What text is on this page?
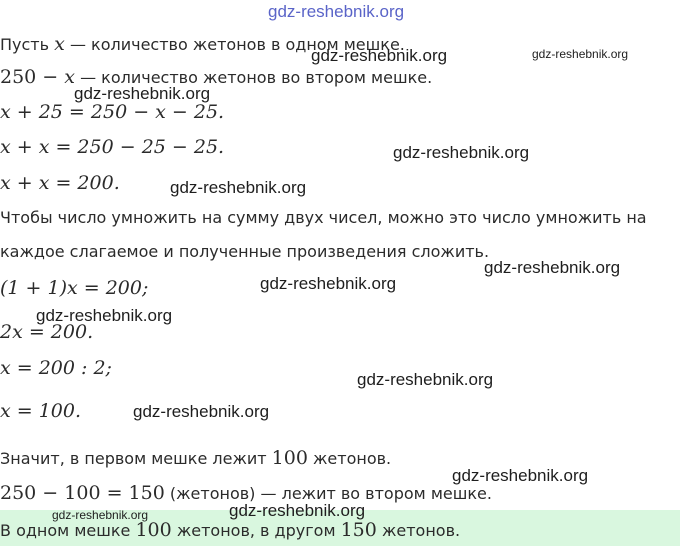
Пусть x — количество жетонов в одном мешке.
250 − x — количество жетонов во втором мешке.
x + 25 = 250 − x − 25.
x + x = 250 − 25 − 25.
x + x = 200.
Чтобы число умножить на сумму двух чисел, можно это число умножить на
каждое слагаемое и полученные произведения сложить.
(1 + 1)x = 200;
2x = 200.
x = 200 : 2;
x = 100.
Значит, в первом мешке лежит 100 жетонов.
250 − 100 = 150 (жетонов) — лежит во втором мешке.
В одном мешке 100 жетонов, в другом 150 жетонов.
gdz-reshebnik.org
gdz-reshebnik.org	gdz-reshebnik.org
gdz-reshebnik.org
gdz-reshebnik.org
gdz-reshebnik.org
gdz-reshebnik.org
gdz-reshebnik.org
gdz-reshebnik.org
gdz-reshebnik.org
gdz-reshebnik.org
gdz-reshebnik.org
gdz-reshebnik.org	gdz-reshebnik.org
